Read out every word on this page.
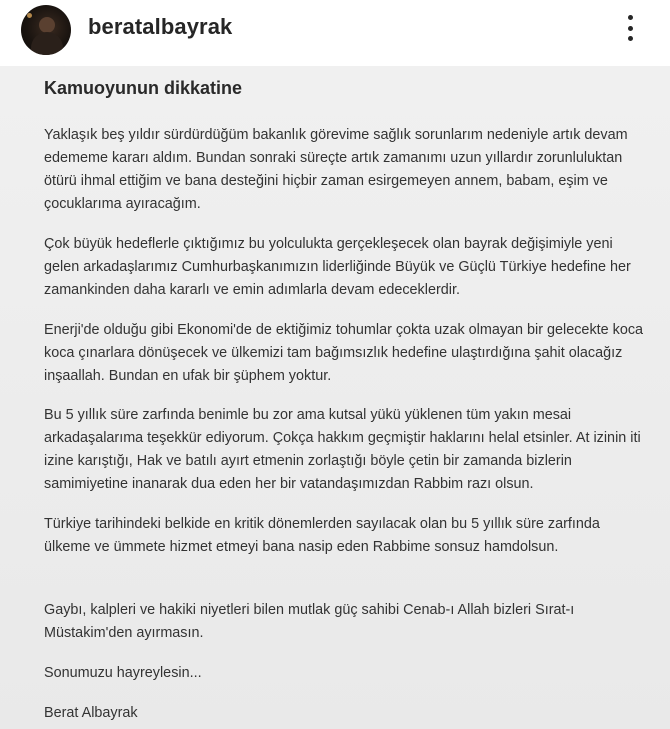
beratalbayrak
Kamuoyunun dikkatine
Yaklaşık beş yıldır sürdürdüğüm bakanlık görevime sağlık sorunlarım nedeniyle artık devam edememe kararı aldım. Bundan sonraki süreçte artık zamanımı uzun yıllardır zorunluluktan ötürü ihmal ettiğim ve bana desteğini hiçbir zaman esirgemeyen annem, babam, eşim ve çocuklarıma ayıracağım.
Çok büyük hedeflerle çıktığımız bu yolculukta gerçekleşecek olan bayrak değişimiyle yeni gelen arkadaşlarımız Cumhurbaşkanımızın liderliğinde Büyük ve Güçlü Türkiye hedefine her zamankinden daha kararlı ve emin adımlarla devam edeceklerdir.
Enerji'de olduğu gibi Ekonomi'de de ektiğimiz tohumlar çokta uzak olmayan bir gelecekte koca koca çınarlara dönüşecek ve ülkemizi tam bağımsızlık hedefine ulaştırdığına şahit olacağız inşaallah. Bundan en ufak bir şüphem yoktur.
Bu 5 yıllık süre zarfında benimle bu zor ama kutsal yükü yüklenen tüm yakın mesai arkadaşalarıma teşekkür ediyorum. Çokça hakkım geçmiştir haklarını helal etsinler. At izinin iti izine karıştığı, Hak ve batılı ayırt etmenin zorlaştığı böyle çetin bir zamanda bizlerin samimiyetine inanarak dua eden her bir vatandaşımızdan Rabbim razı olsun.
Türkiye tarihindeki belkide en kritik dönemlerden sayılacak olan bu 5 yıllık süre zarfında ülkeme ve ümmete hizmet etmeyi bana nasip eden Rabbime sonsuz hamdolsun.
Gaybı, kalpleri ve hakiki niyetleri bilen mutlak güç sahibi Cenab-ı Allah bizleri Sırat-ı Müstakim'den ayırmasın.
Sonumuzu hayreylesin...
Berat Albayrak
